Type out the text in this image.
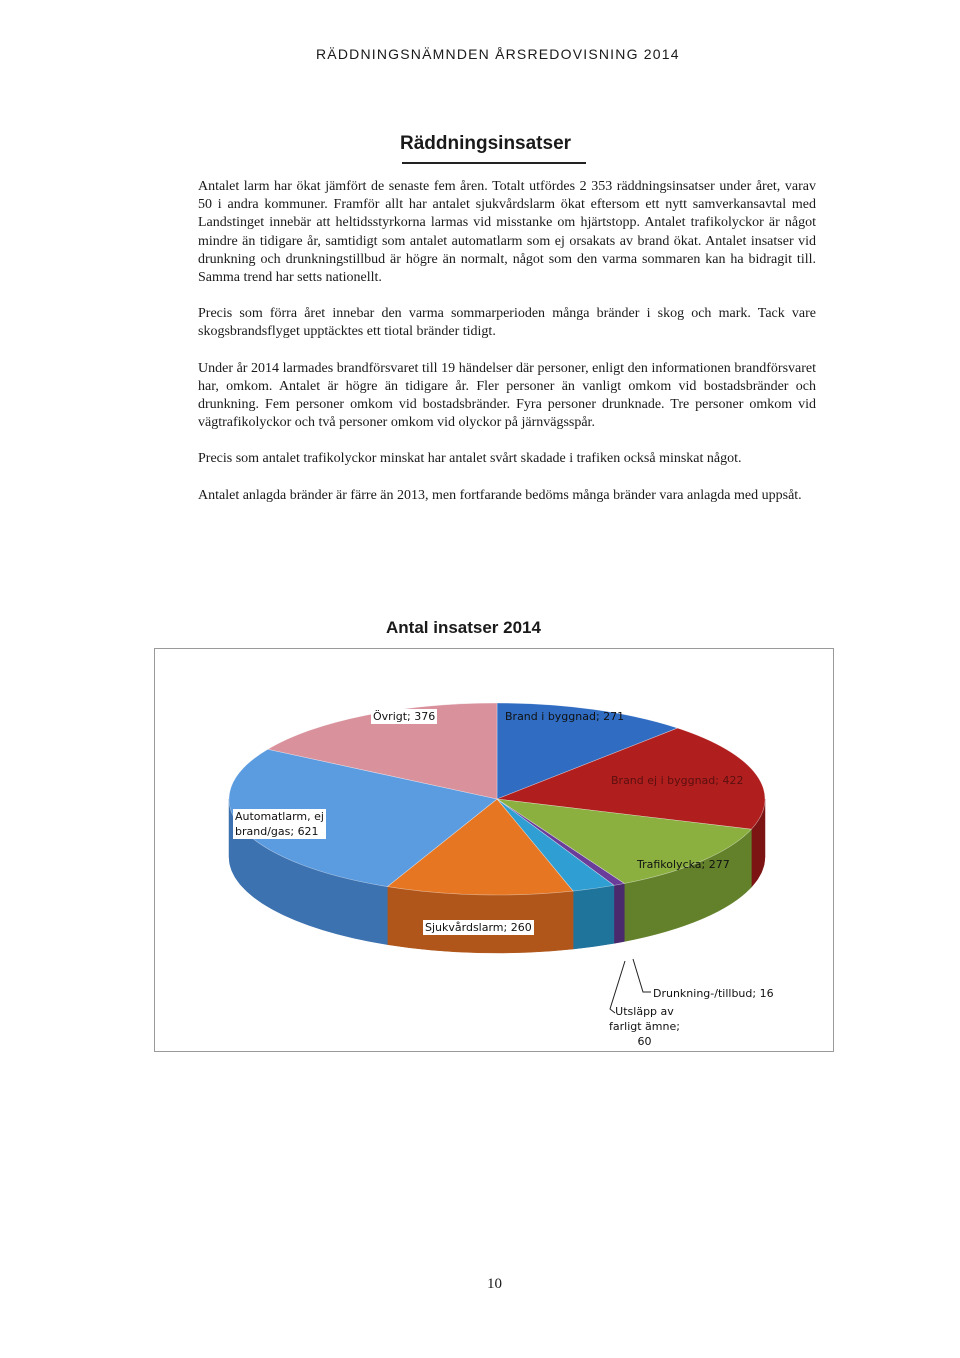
RÄDDNINGSNÄMNDEN ÅRSREDOVISNING 2014
Räddningsinsatser

Antalet larm har ökat jämfört de senaste fem åren. Totalt utfördes 2 353 räddningsinsatser under året, varav 50 i andra kommuner. Framför allt har antalet sjukvårdslarm ökat eftersom ett nytt samverkansavtal med Landstinget innebär att heltidsstyrkorna larmas vid misstanke om hjärtstopp. Antalet trafikolyckor är något mindre än tidigare år, samtidigt som antalet automatlarm som ej orsakats av brand ökat. Antalet insatser vid drunkning och drunkningstillbud är högre än normalt, något som den varma sommaren kan ha bidragit till. Samma trend har setts nationellt.

Precis som förra året innebar den varma sommarperioden många bränder i skog och mark. Tack vare skogsbrandsflyget upptäcktes ett tiotal bränder tidigt.

Under år 2014 larmades brandförsvaret till 19 händelser där personer, enligt den informationen brandförsvaret har, omkom. Antalet är högre än tidigare år. Fler personer än vanligt omkom vid bostadsbränder och drunkning. Fem personer omkom vid bostadsbränder. Fyra personer drunknade. Tre personer omkom vid vägtrafikolyckor och två personer omkom vid olyckor på järnvägsspår.

Precis som antalet trafikolyckor minskat har antalet svårt skadade i trafiken också minskat något.

Antalet anlagda bränder är färre än 2013, men fortfarande bedöms många bränder vara anlagda med uppsåt.

Antal insatser 2014
Övrigt; 376	Brand i byggnad; 271
Brand ej i byggnad; 422
Trafikolycka; 277
Sjukvårdslarm; 260
Automatlarm, ej
brand/gas; 621
Drunkning-/tillbud; 16
Utsläpp av
farligt ämne;
60
10
